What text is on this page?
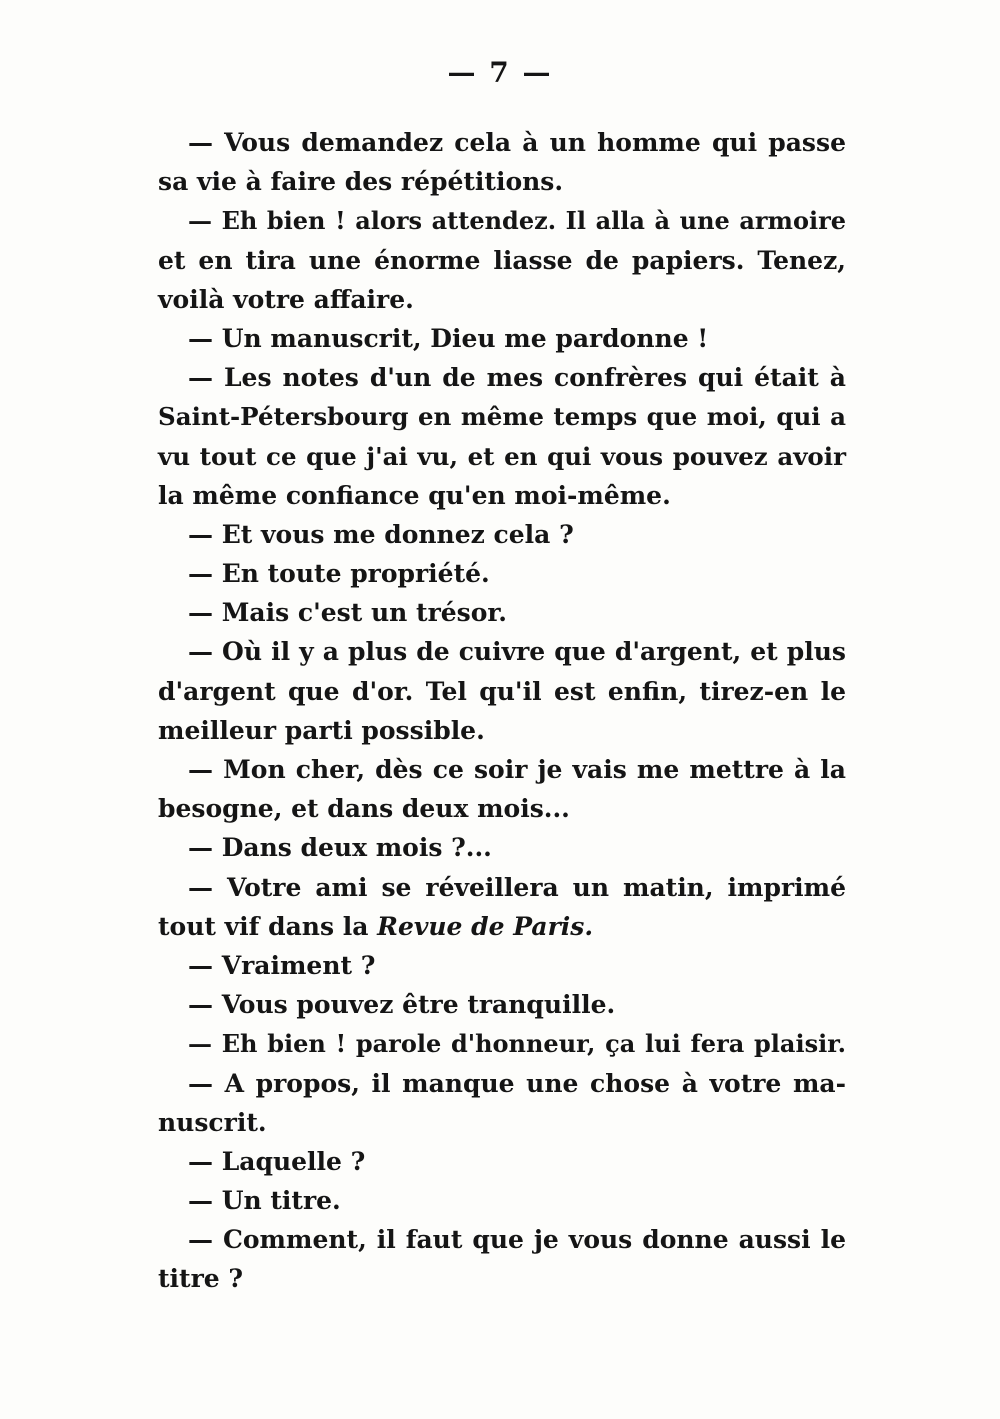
— 7 —
— Vous demandez cela à un homme qui passe
sa vie à faire des répétitions.
— Eh bien ! alors attendez. Il alla à une armoire
et en tira une énorme liasse de papiers. Tenez,
voilà votre affaire.
— Un manuscrit, Dieu me pardonne !
— Les notes d'un de mes confrères qui était à
Saint-Pétersbourg en même temps que moi, qui a
vu tout ce que j'ai vu, et en qui vous pouvez avoir
la même confiance qu'en moi-même.
— Et vous me donnez cela ?
— En toute propriété.
— Mais c'est un trésor.
— Où il y a plus de cuivre que d'argent, et plus
d'argent que d'or. Tel qu'il est enfin, tirez-en le
meilleur parti possible.
— Mon cher, dès ce soir je vais me mettre à la
besogne, et dans deux mois...
— Dans deux mois ?...
— Votre ami se réveillera un matin, imprimé
tout vif dans la Revue de Paris.
— Vraiment ?
— Vous pouvez être tranquille.
— Eh bien ! parole d'honneur, ça lui fera plaisir.
— A propos, il manque une chose à votre ma-
nuscrit.
— Laquelle ?
— Un titre.
— Comment, il faut que je vous donne aussi le
titre ?
